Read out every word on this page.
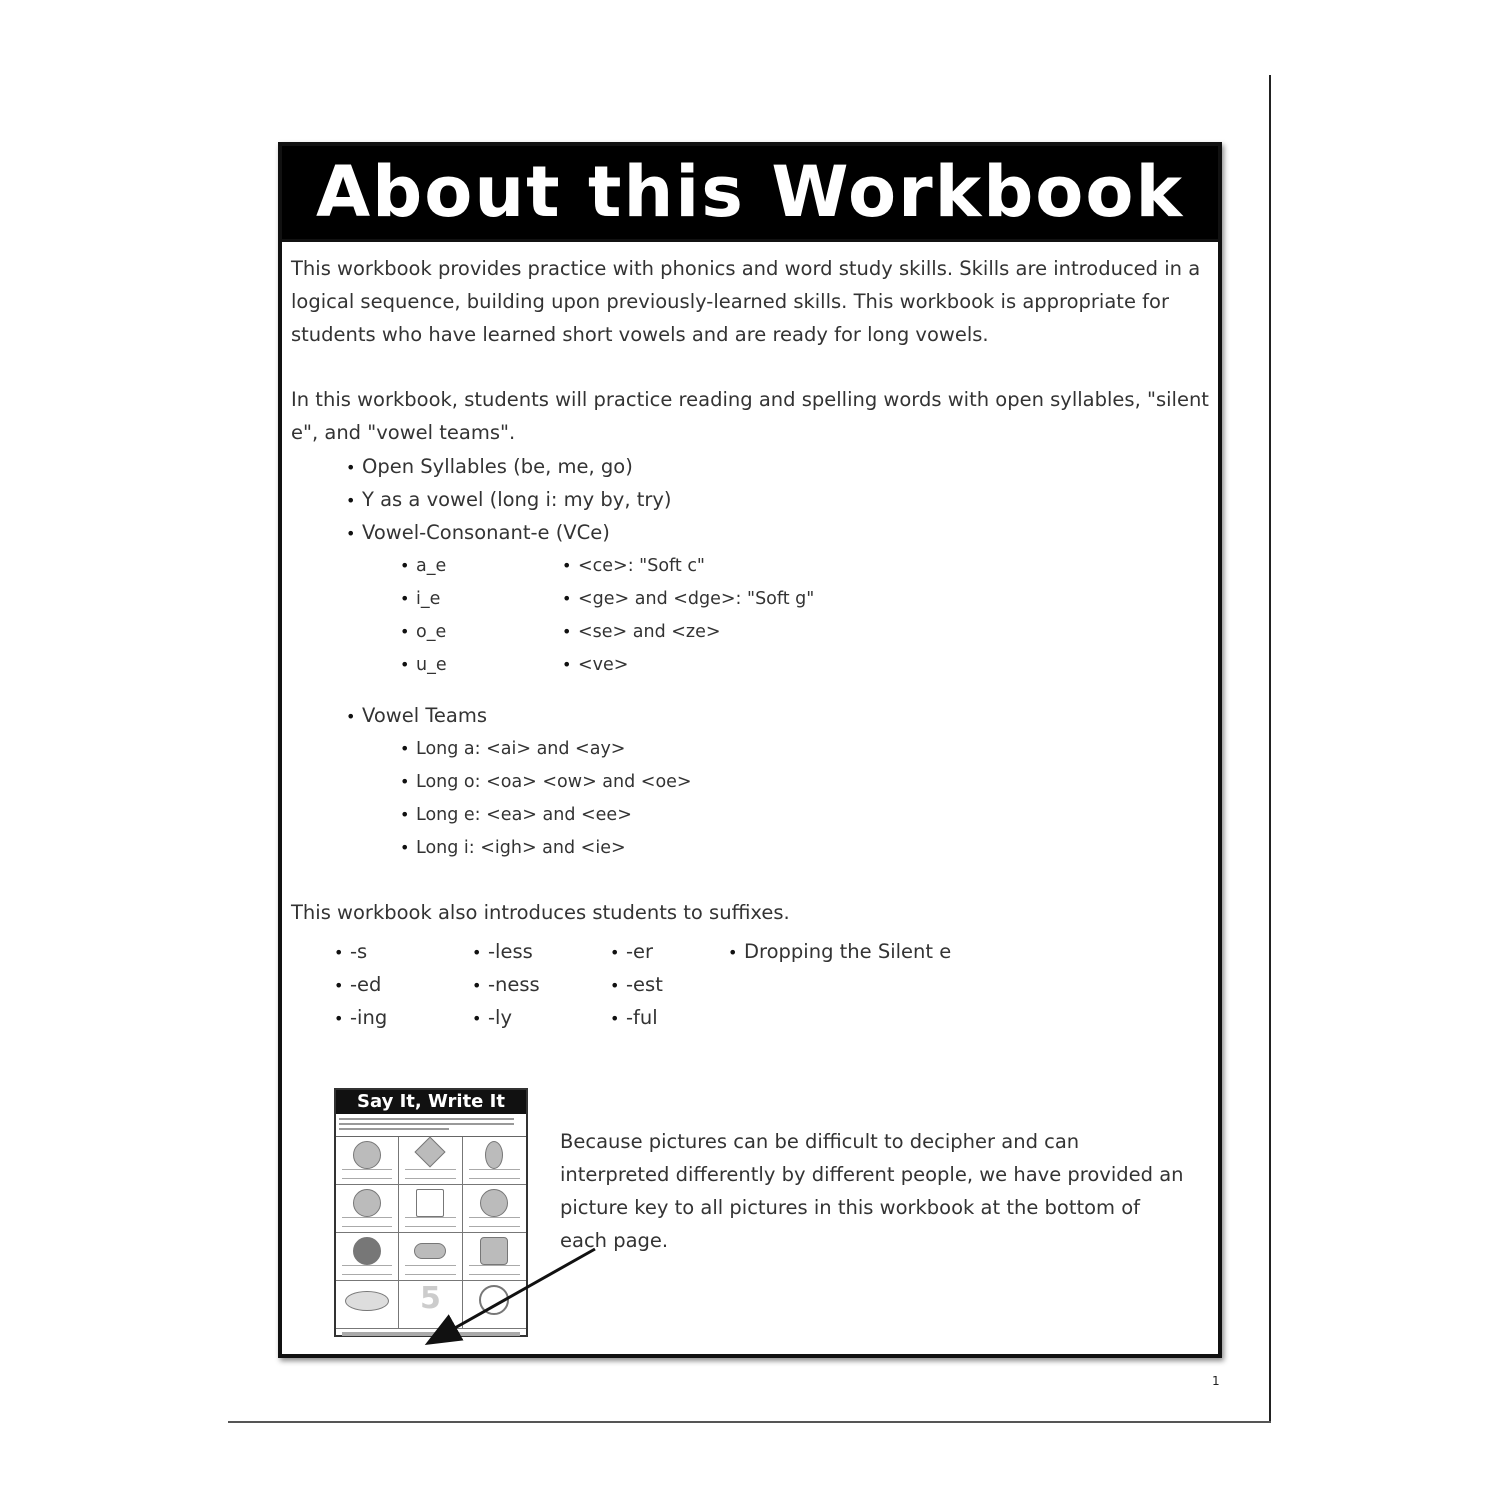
1
About this Workbook

This workbook provides practice with phonics and word study skills. Skills are introduced in a logical sequence, building upon previously-learned skills. This workbook is appropriate for students who have learned short vowels and are ready for long vowels.

In this workbook, students will practice reading and spelling words with open syllables, "silent e", and "vowel teams".

• Open Syllables (be, me, go)
• Y as a vowel (long i: my by, try)
• Vowel-Consonant-e (VCe)
• a_e
• i_e
• o_e
• u_e
• <ce>: "Soft c"
• <ge> and <dge>: "Soft g"
• <se> and <ze>
• <ve>
• Vowel Teams
• Long a: <ai> and <ay>
• Long o: <oa> <ow> and <oe>
• Long e: <ea> and <ee>
• Long i: <igh> and <ie>

This workbook also introduces students to suffixes.

• -s
• -ed
• -ing
• -less
• -ness
• -ly
• -er
• -est
• -ful
• Dropping the Silent e
Say It, Write It
5

Because pictures can be difficult to decipher and can interpreted differently by different people, we have provided an picture key to all pictures in this workbook at the bottom of each page.
